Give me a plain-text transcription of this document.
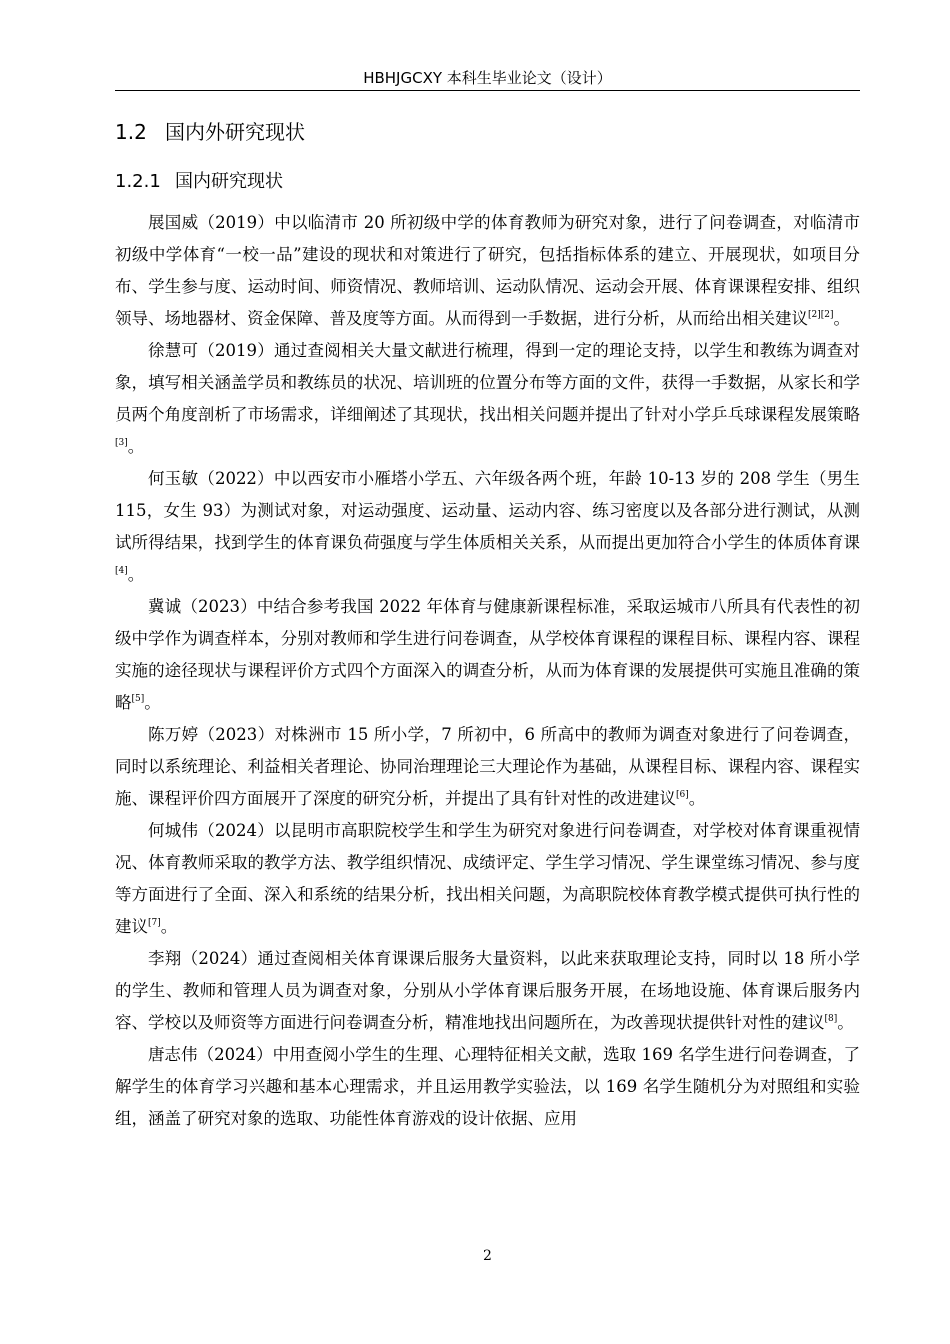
HBHJGCXY 本科生毕业论文（设计）
1.2 国内外研究现状
1.2.1 国内研究现状

展国威（2019）中以临清市 20 所初级中学的体育教师为研究对象，进行了问卷调查，对临清市初级中学体育“一校一品”建设的现状和对策进行了研究，包括指标体系的建立、开展现状，如项目分布、学生参与度、运动时间、师资情况、教师培训、运动队情况、运动会开展、体育课课程安排、组织领导、场地器材、资金保障、普及度等方面。从而得到一手数据，进行分析，从而给出相关建议[2][2]。

徐慧可（2019）通过查阅相关大量文献进行梳理，得到一定的理论支持，以学生和教练为调查对象，填写相关涵盖学员和教练员的状况、培训班的位置分布等方面的文件，获得一手数据，从家长和学员两个角度剖析了市场需求，详细阐述了其现状，找出相关问题并提出了针对小学乒乓球课程发展策略[3]。

何玉敏（2022）中以西安市小雁塔小学五、六年级各两个班，年龄 10-13 岁的 208 学生（男生 115，女生 93）为测试对象，对运动强度、运动量、运动内容、练习密度以及各部分进行测试，从测试所得结果，找到学生的体育课负荷强度与学生体质相关关系，从而提出更加符合小学生的体质体育课[4]。

冀诚（2023）中结合参考我国 2022 年体育与健康新课程标准，采取运城市八所具有代表性的初级中学作为调查样本，分别对教师和学生进行问卷调查，从学校体育课程的课程目标、课程内容、课程实施的途径现状与课程评价方式四个方面深入的调查分析，从而为体育课的发展提供可实施且准确的策略[5]。

陈万婷（2023）对株洲市 15 所小学，7 所初中，6 所高中的教师为调查对象进行了问卷调查，同时以系统理论、利益相关者理论、协同治理理论三大理论作为基础，从课程目标、课程内容、课程实施、课程评价四方面展开了深度的研究分析，并提出了具有针对性的改进建议[6]。

何城伟（2024）以昆明市高职院校学生和学生为研究对象进行问卷调查，对学校对体育课重视情况、体育教师采取的教学方法、教学组织情况、成绩评定、学生学习情况、学生课堂练习情况、参与度等方面进行了全面、深入和系统的结果分析，找出相关问题，为高职院校体育教学模式提供可执行性的建议[7]。

李翔（2024）通过查阅相关体育课课后服务大量资料，以此来获取理论支持，同时以 18 所小学的学生、教师和管理人员为调查对象，分别从小学体育课后服务开展，在场地设施、体育课后服务内容、学校以及师资等方面进行问卷调查分析，精准地找出问题所在，为改善现状提供针对性的建议[8]。

唐志伟（2024）中用查阅小学生的生理、心理特征相关文献，选取 169 名学生进行问卷调查，了解学生的体育学习兴趣和基本心理需求，并且运用教学实验法，以 169 名学生随机分为对照组和实验组，涵盖了研究对象的选取、功能性体育游戏的设计依据、应用

2
